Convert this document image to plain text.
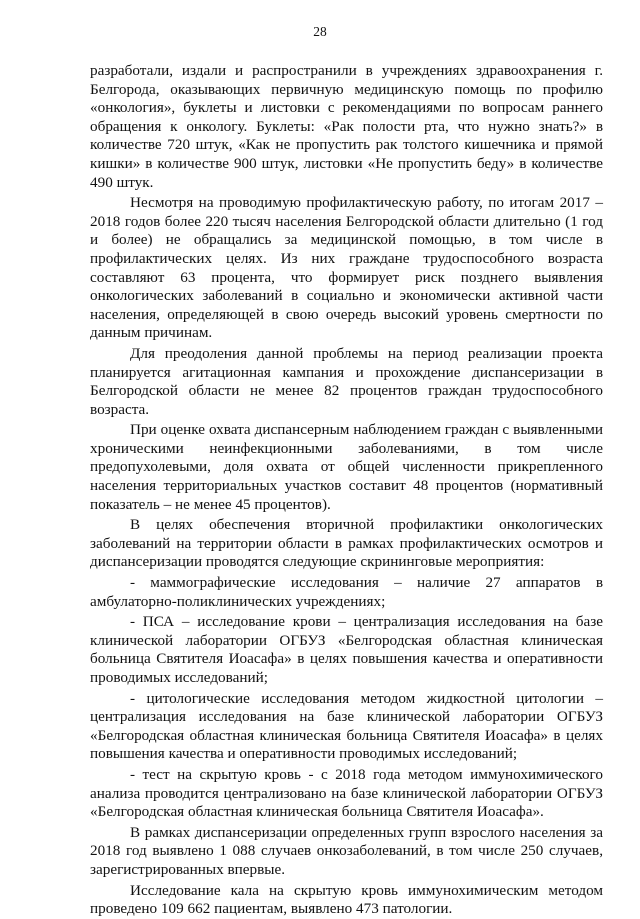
28

разработали, издали и распространили в учреждениях здравоохранения г. Белгорода, оказывающих первичную медицинскую помощь по профилю «онкология», буклеты и листовки с рекомендациями по вопросам раннего обращения к онкологу. Буклеты: «Рак полости рта, что нужно знать?» в количестве 720 штук, «Как не пропустить рак толстого кишечника и прямой кишки» в количестве 900 штук, листовки «Не пропустить беду» в количестве 490 штук.

Несмотря на проводимую профилактическую работу, по итогам 2017 – 2018 годов более 220 тысяч населения Белгородской области длительно (1 год и более) не обращались за медицинской помощью, в том числе в профилактических целях. Из них граждане трудоспособного возраста составляют 63 процента, что формирует риск позднего выявления онкологических заболеваний в социально и экономически активной части населения, определяющей в свою очередь высокий уровень смертности по данным причинам.

Для преодоления данной проблемы на период реализации проекта планируется агитационная кампания и прохождение диспансеризации в Белгородской области не менее 82 процентов граждан трудоспособного возраста.

При оценке охвата диспансерным наблюдением граждан с выявленными хроническими неинфекционными заболеваниями, в том числе предопухолевыми, доля охвата от общей численности прикрепленного населения территориальных участков составит 48 процентов (нормативный показатель – не менее 45 процентов).

В целях обеспечения вторичной профилактики онкологических заболеваний на территории области в рамках профилактических осмотров и диспансеризации проводятся следующие скрининговые мероприятия:

- маммографические исследования – наличие 27 аппаратов в амбулаторно-поликлинических учреждениях;

- ПСА – исследование крови – централизация исследования на базе клинической лаборатории ОГБУЗ «Белгородская областная клиническая больница Святителя Иоасафа» в целях повышения качества и оперативности проводимых исследований;

- цитологические исследования методом жидкостной цитологии – централизация исследования на базе клинической лаборатории ОГБУЗ «Белгородская областная клиническая больница Святителя Иоасафа» в целях повышения качества и оперативности проводимых исследований;

- тест на скрытую кровь - с 2018 года методом иммунохимического анализа проводится централизовано на базе клинической лаборатории ОГБУЗ «Белгородская областная клиническая больница Святителя Иоасафа».

В рамках диспансеризации определенных групп взрослого населения за 2018 год выявлено 1 088 случаев онкозаболеваний, в том числе 250 случаев, зарегистрированных впервые.

Исследование кала на скрытую кровь иммунохимическим методом проведено 109 662 пациентам, выявлено 473 патологии.
